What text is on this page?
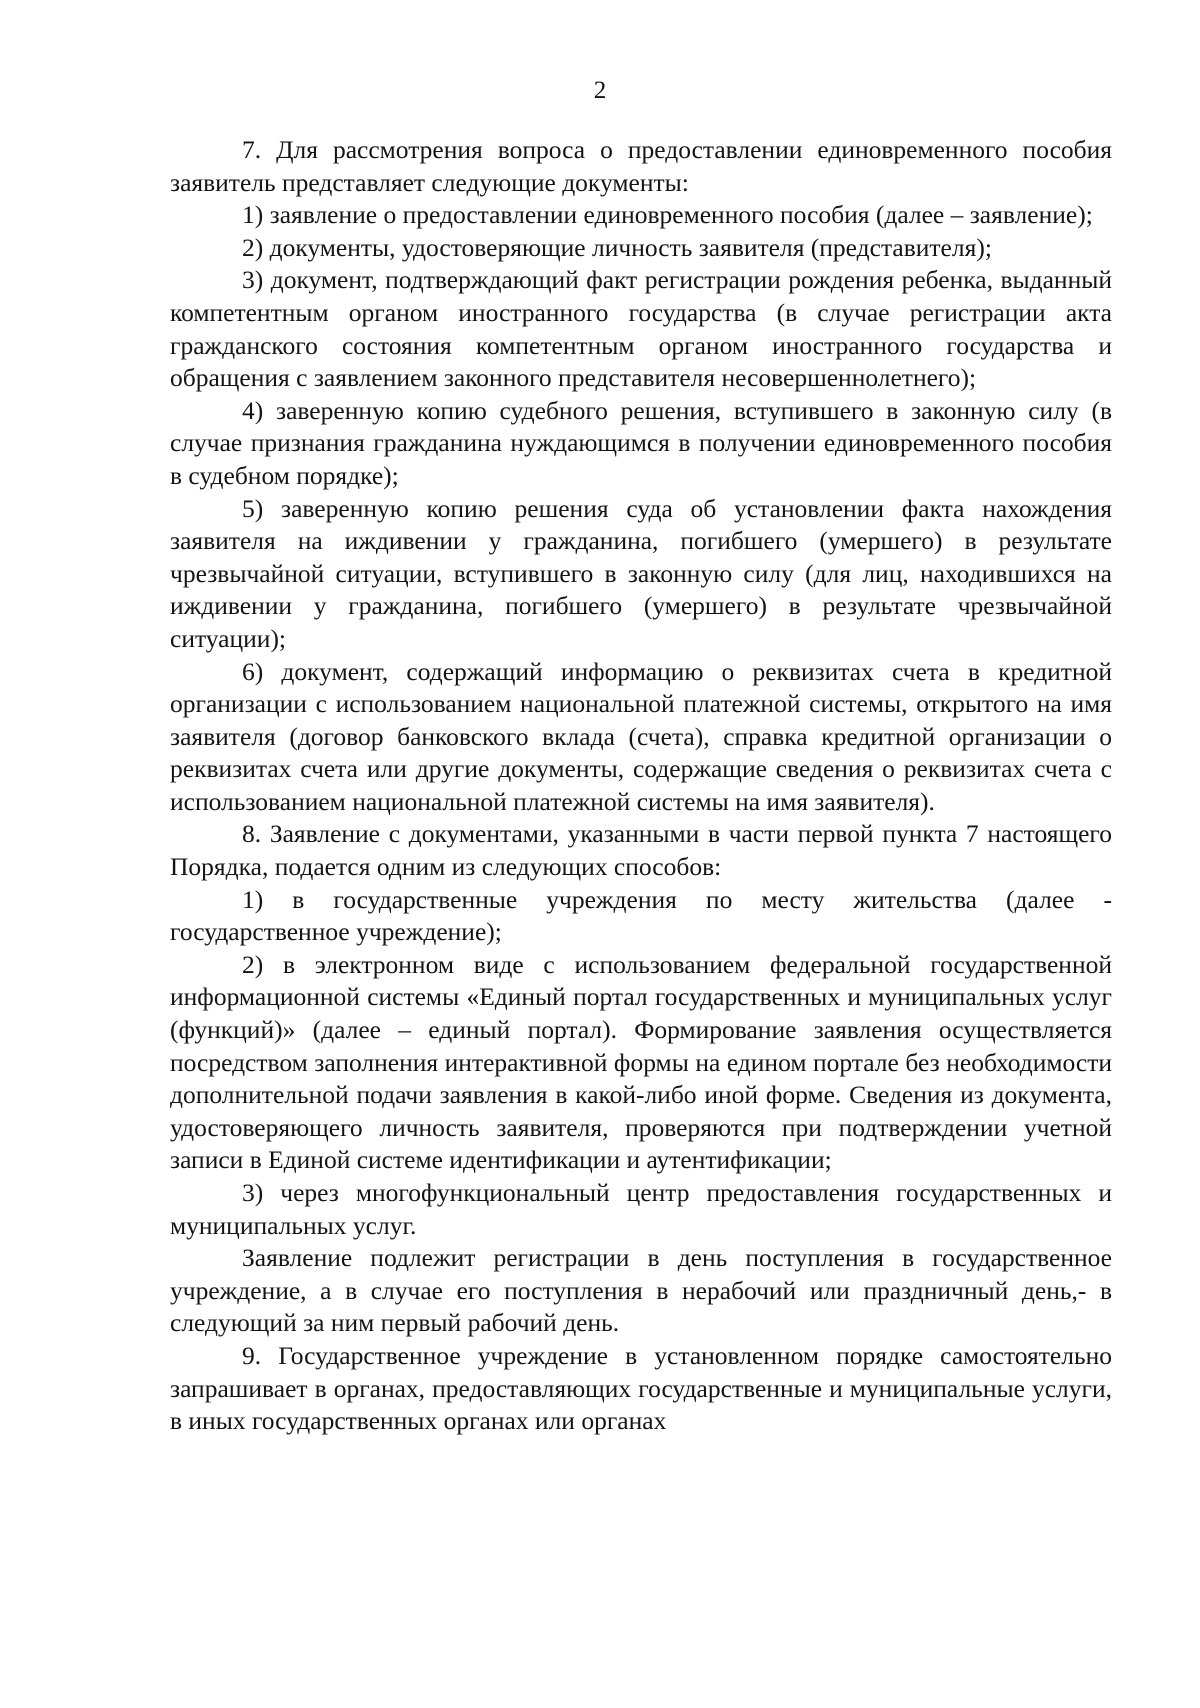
2

7. Для рассмотрения вопроса о предоставлении единовременного пособия заявитель представляет следующие документы:

1) заявление о предоставлении единовременного пособия (далее – заявление);

2) документы, удостоверяющие личность заявителя (представителя);

3) документ, подтверждающий факт регистрации рождения ребенка, выданный компетентным органом иностранного государства (в случае регистрации акта гражданского состояния компетентным органом иностранного государства и обращения с заявлением законного представителя несовершеннолетнего);

4) заверенную копию судебного решения, вступившего в законную силу (в случае признания гражданина нуждающимся в получении единовременного пособия в судебном порядке);

5) заверенную копию решения суда об установлении факта нахождения заявителя на иждивении у гражданина, погибшего (умершего) в результате чрезвычайной ситуации, вступившего в законную силу (для лиц, находившихся на иждивении у гражданина, погибшего (умершего) в результате чрезвычайной ситуации);

6) документ, содержащий информацию о реквизитах счета в кредитной организации с использованием национальной платежной системы, открытого на имя заявителя (договор банковского вклада (счета), справка кредитной организации о реквизитах счета или другие документы, содержащие сведения о реквизитах счета с использованием национальной платежной системы на имя заявителя).

8. Заявление с документами, указанными в части первой пункта 7 настоящего Порядка, подается одним из следующих способов:

1) в государственные учреждения по месту жительства (далее - государственное учреждение);

2) в электронном виде с использованием федеральной государственной информационной системы «Единый портал государственных и муниципальных услуг (функций)» (далее – единый портал). Формирование заявления осуществляется посредством заполнения интерактивной формы на едином портале без необходимости дополнительной подачи заявления в какой-либо иной форме. Сведения из документа, удостоверяющего личность заявителя, проверяются при подтверждении учетной записи в Единой системе идентификации и аутентификации;

3) через многофункциональный центр предоставления государственных и муниципальных услуг.

Заявление подлежит регистрации в день поступления в государственное учреждение, а в случае его поступления в нерабочий или праздничный день,- в следующий за ним первый рабочий день.

9. Государственное учреждение в установленном порядке самостоятельно запрашивает в органах, предоставляющих государственные и муниципальные услуги, в иных государственных органах или органах
